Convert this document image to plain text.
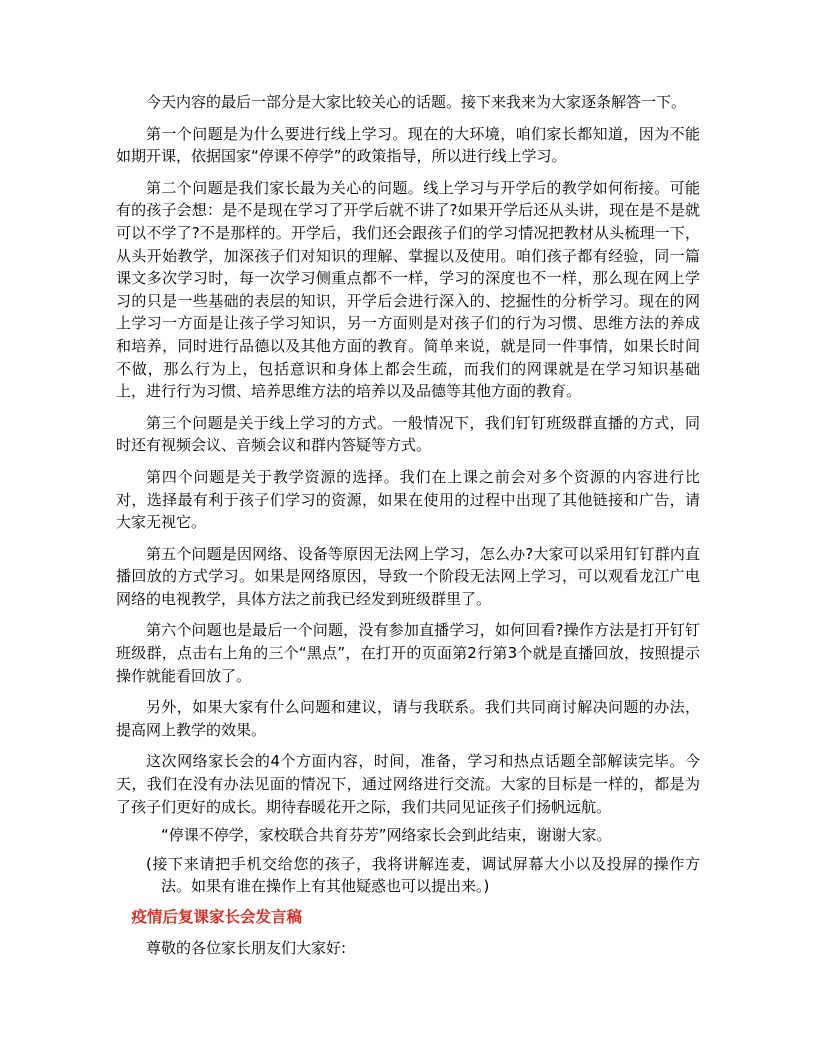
今天内容的最后一部分是大家比较关心的话题。接下来我来为大家逐条解答一下。

第一个问题是为什么要进行线上学习。现在的大环境，咱们家长都知道，因为不能如期开课，依据国家“停课不停学”的政策指导，所以进行线上学习。

第二个问题是我们家长最为关心的问题。线上学习与开学后的教学如何衔接。可能有的孩子会想：是不是现在学习了开学后就不讲了?如果开学后还从头讲，现在是不是就可以不学了?不是那样的。开学后，我们还会跟孩子们的学习情况把教材从头梳理一下，从头开始教学，加深孩子们对知识的理解、掌握以及使用。咱们孩子都有经验，同一篇课文多次学习时，每一次学习侧重点都不一样，学习的深度也不一样，那么现在网上学习的只是一些基础的表层的知识，开学后会进行深入的、挖掘性的分析学习。现在的网上学习一方面是让孩子学习知识，另一方面则是对孩子们的行为习惯、思维方法的养成和培养，同时进行品德以及其他方面的教育。简单来说，就是同一件事情，如果长时间不做，那么行为上，包括意识和身体上都会生疏，而我们的网课就是在学习知识基础上，进行行为习惯、培养思维方法的培养以及品德等其他方面的教育。

第三个问题是关于线上学习的方式。一般情况下，我们钉钉班级群直播的方式，同时还有视频会议、音频会议和群内答疑等方式。

第四个问题是关于教学资源的选择。我们在上课之前会对多个资源的内容进行比对，选择最有利于孩子们学习的资源，如果在使用的过程中出现了其他链接和广告，请大家无视它。

第五个问题是因网络、设备等原因无法网上学习，怎么办?大家可以采用钉钉群内直播回放的方式学习。如果是网络原因，导致一个阶段无法网上学习，可以观看龙江广电网络的电视教学，具体方法之前我已经发到班级群里了。

第六个问题也是最后一个问题，没有参加直播学习，如何回看?操作方法是打开钉钉班级群，点击右上角的三个“黑点”，在打开的页面第2行第3个就是直播回放，按照提示操作就能看回放了。

另外，如果大家有什么问题和建议，请与我联系。我们共同商讨解决问题的办法，提高网上教学的效果。

这次网络家长会的4个方面内容，时间，准备，学习和热点话题全部解读完毕。今天，我们在没有办法见面的情况下，通过网络进行交流。大家的目标是一样的，都是为了孩子们更好的成长。期待春暖花开之际，我们共同见证孩子们扬帆远航。

“停课不停学，家校联合共育芬芳”网络家长会到此结束，谢谢大家。

(接下来请把手机交给您的孩子，我将讲解连麦，调试屏幕大小以及投屏的操作方法。如果有谁在操作上有其他疑惑也可以提出来。)

疫情后复课家长会发言稿

尊敬的各位家长朋友们大家好:
